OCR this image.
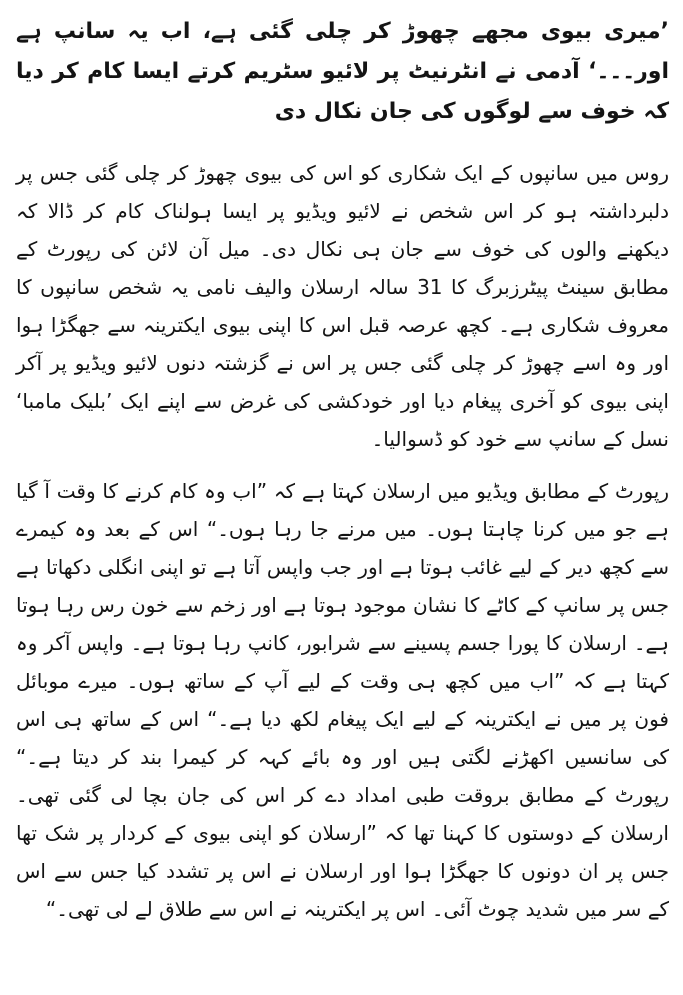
’میری بیوی مجھے چھوڑ کر چلی گئی ہے، اب یہ سانپ ہے اور۔۔۔‘ آدمی نے انٹرنیٹ پر لائیو سٹریم کرتے ایسا کام کر دیا کہ خوف سے لوگوں کی جان نکال دی

روس میں سانپوں کے ایک شکاری کو اس کی بیوی چھوڑ کر چلی گئی جس پر دلبرداشتہ ہو کر اس شخص نے لائیو ویڈیو پر ایسا ہولناک کام کر ڈالا کہ دیکھنے والوں کی خوف سے جان ہی نکال دی۔ میل آن لائن کی رپورٹ کے مطابق سینٹ پیٹرزبرگ کا 31 سالہ ارسلان والیف نامی یہ شخص سانپوں کا معروف شکاری ہے۔ کچھ عرصہ قبل اس کا اپنی بیوی ایکترینہ سے جھگڑا ہوا اور وہ اسے چھوڑ کر چلی گئی جس پر اس نے گزشتہ دنوں لائیو ویڈیو پر آکر اپنی بیوی کو آخری پیغام دیا اور خودکشی کی غرض سے اپنے ایک ’بلیک مامبا‘ نسل کے سانپ سے خود کو ڈسوالیا۔

رپورٹ کے مطابق ویڈیو میں ارسلان کہتا ہے کہ ”اب وہ کام کرنے کا وقت آ گیا ہے جو میں کرنا چاہتا ہوں۔ میں مرنے جا رہا ہوں۔“ اس کے بعد وہ کیمرے سے کچھ دیر کے لیے غائب ہوتا ہے اور جب واپس آتا ہے تو اپنی انگلی دکھاتا ہے جس پر سانپ کے کاٹے کا نشان موجود ہوتا ہے اور زخم سے خون رس رہا ہوتا ہے۔ ارسلان کا پورا جسم پسینے سے شرابور، کانپ رہا ہوتا ہے۔ واپس آکر وہ کہتا ہے کہ ”اب میں کچھ ہی وقت کے لیے آپ کے ساتھ ہوں۔ میرے موبائل فون پر میں نے ایکترینہ کے لیے ایک پیغام لکھ دیا ہے۔“ اس کے ساتھ ہی اس کی سانسیں اکھڑنے لگتی ہیں اور وہ بائے کہہ کر کیمرا بند کر دیتا ہے۔“ رپورٹ کے مطابق بروقت طبی امداد دے کر اس کی جان بچا لی گئی تھی۔ ارسلان کے دوستوں کا کہنا تھا کہ ”ارسلان کو اپنی بیوی کے کردار پر شک تھا جس پر ان دونوں کا جھگڑا ہوا اور ارسلان نے اس پر تشدد کیا جس سے اس کے سر میں شدید چوٹ آئی۔ اس پر ایکترینہ نے اس سے طلاق لے لی تھی۔“
